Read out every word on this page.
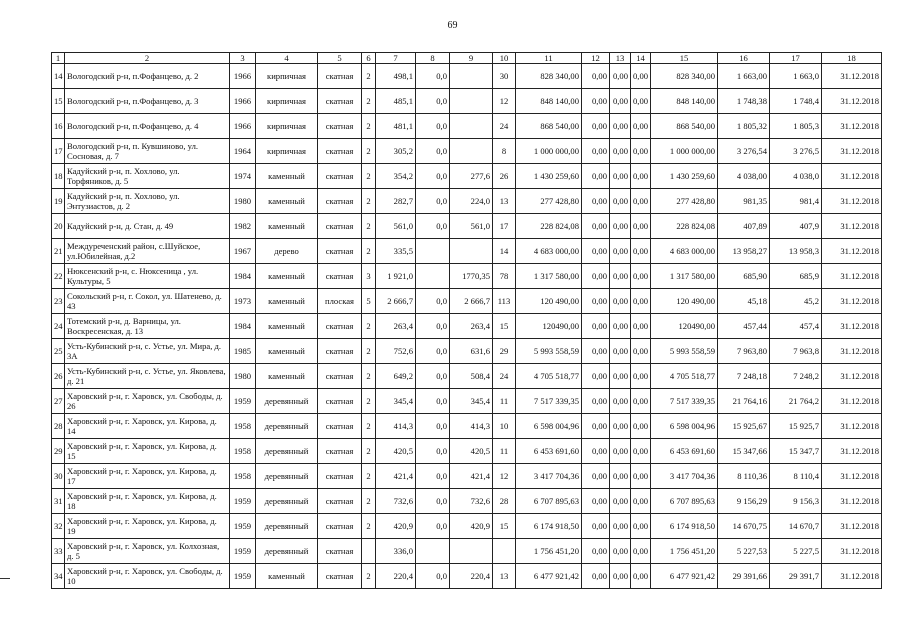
69
1	2	3	4	5	6	7	8	9	10	11	12	13	14	15	16	17	18
14	Вологодский р-н, п.Фофанцево, д. 2	1966	кирпичная	скатная	2	498,1	0,0		30	828 340,00	0,00	0,00	0,00	828 340,00	1 663,00	1 663,0	31.12.2018
15	Вологодский р-н, п.Фофанцево, д. 3	1966	кирпичная	скатная	2	485,1	0,0		12	848 140,00	0,00	0,00	0,00	848 140,00	1 748,38	1 748,4	31.12.2018
16	Вологодский р-н, п.Фофанцево, д. 4	1966	кирпичная	скатная	2	481,1	0,0		24	868 540,00	0,00	0,00	0,00	868 540,00	1 805,32	1 805,3	31.12.2018
17	Вологодский р-н, п. Кувшиново, ул. Сосновая, д. 7	1964	кирпичная	скатная	2	305,2	0,0		8	1 000 000,00	0,00	0,00	0,00	1 000 000,00	3 276,54	3 276,5	31.12.2018
18	Кадуйский р-н, п. Хохлово, ул. Торфяников, д. 5	1974	каменный	скатная	2	354,2	0,0	277,6	26	1 430 259,60	0,00	0,00	0,00	1 430 259,60	4 038,00	4 038,0	31.12.2018
19	Кадуйский р-н, п. Хохлово, ул. Энтузиастов, д. 2	1980	каменный	скатная	2	282,7	0,0	224,0	13	277 428,80	0,00	0,00	0,00	277 428,80	981,35	981,4	31.12.2018
20	Кадуйский р-н, д. Стан, д. 49	1982	каменный	скатная	2	561,0	0,0	561,0	17	228 824,08	0,00	0,00	0,00	228 824,08	407,89	407,9	31.12.2018
21	Междуреченский район, с.Шуйское, ул.Юбилейная, д.2	1967	дерево	скатная	2	335,5			14	4 683 000,00	0,00	0,00	0,00	4 683 000,00	13 958,27	13 958,3	31.12.2018
22	Нюксенский р-н, с. Нюксеница , ул. Культуры, 5	1984	каменный	скатная	3	1 921,0		1770,35	78	1 317 580,00	0,00	0,00	0,00	1 317 580,00	685,90	685,9	31.12.2018
23	Сокольский р-н, г. Сокол, ул. Шатенево, д. 43	1973	каменный	плоская	5	2 666,7	0,0	2 666,7	113	120 490,00	0,00	0,00	0,00	120 490,00	45,18	45,2	31.12.2018
24	Тотемский р-н, д. Варницы, ул. Воскресенская, д. 13	1984	каменный	скатная	2	263,4	0,0	263,4	15	120490,00	0,00	0,00	0,00	120490,00	457,44	457,4	31.12.2018
25	Усть-Кубинский р-н, с. Устье, ул. Мира, д. 3А	1985	каменный	скатная	2	752,6	0,0	631,6	29	5 993 558,59	0,00	0,00	0,00	5 993 558,59	7 963,80	7 963,8	31.12.2018
26	Усть-Кубинский р-н, с. Устье, ул. Яковлева, д. 21	1980	каменный	скатная	2	649,2	0,0	508,4	24	4 705 518,77	0,00	0,00	0,00	4 705 518,77	7 248,18	7 248,2	31.12.2018
27	Харовский р-н, г. Харовск, ул. Свободы, д. 26	1959	деревянный	скатная	2	345,4	0,0	345,4	11	7 517 339,35	0,00	0,00	0,00	7 517 339,35	21 764,16	21 764,2	31.12.2018
28	Харовский р-н, г. Харовск, ул. Кирова, д. 14	1958	деревянный	скатная	2	414,3	0,0	414,3	10	6 598 004,96	0,00	0,00	0,00	6 598 004,96	15 925,67	15 925,7	31.12.2018
29	Харовский р-н, г. Харовск, ул. Кирова, д. 15	1958	деревянный	скатная	2	420,5	0,0	420,5	11	6 453 691,60	0,00	0,00	0,00	6 453 691,60	15 347,66	15 347,7	31.12.2018
30	Харовский р-н, г. Харовск, ул. Кирова, д. 17	1958	деревянный	скатная	2	421,4	0,0	421,4	12	3 417 704,36	0,00	0,00	0,00	3 417 704,36	8 110,36	8 110,4	31.12.2018
31	Харовский р-н, г. Харовск, ул. Кирова, д. 18	1959	деревянный	скатная	2	732,6	0,0	732,6	28	6 707 895,63	0,00	0,00	0,00	6 707 895,63	9 156,29	9 156,3	31.12.2018
32	Харовский р-н, г. Харовск, ул. Кирова, д. 19	1959	деревянный	скатная	2	420,9	0,0	420,9	15	6 174 918,50	0,00	0,00	0,00	6 174 918,50	14 670,75	14 670,7	31.12.2018
33	Харовский р-н, г. Харовск, ул. Колхозная, д. 5	1959	деревянный	скатная		336,0				1 756 451,20	0,00	0,00	0,00	1 756 451,20	5 227,53	5 227,5	31.12.2018
34	Харовский р-н, г. Харовск, ул. Свободы, д. 10	1959	каменный	скатная	2	220,4	0,0	220,4	13	6 477 921,42	0,00	0,00	0,00	6 477 921,42	29 391,66	29 391,7	31.12.2018
